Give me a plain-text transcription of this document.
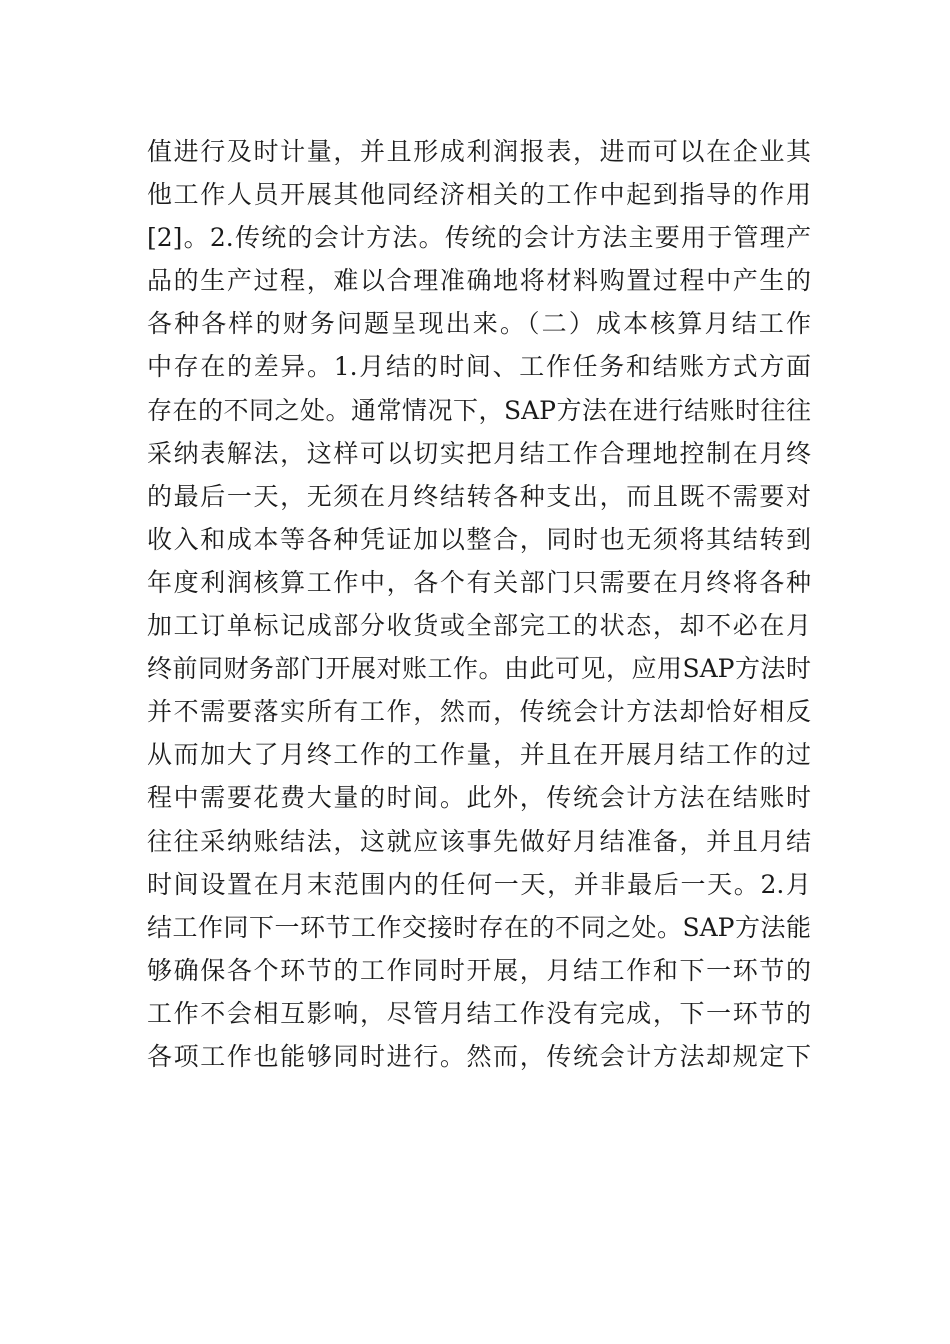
值进行及时计量，并且形成利润报表，进而可以在企业其
他工作人员开展其他同经济相关的工作中起到指导的作用
[2]。2.传统的会计方法。传统的会计方法主要用于管理产
品的生产过程，难以合理准确地将材料购置过程中产生的
各种各样的财务问题呈现出来。（二）成本核算月结工作
中存在的差异。1.月结的时间、工作任务和结账方式方面
存在的不同之处。通常情况下，SAP方法在进行结账时往往
采纳表解法，这样可以切实把月结工作合理地控制在月终
的最后一天，无须在月终结转各种支出，而且既不需要对
收入和成本等各种凭证加以整合，同时也无须将其结转到
年度利润核算工作中，各个有关部门只需要在月终将各种
加工订单标记成部分收货或全部完工的状态，却不必在月
终前同财务部门开展对账工作。由此可见，应用SAP方法时
并不需要落实所有工作，然而，传统会计方法却恰好相反
从而加大了月终工作的工作量，并且在开展月结工作的过
程中需要花费大量的时间。此外，传统会计方法在结账时
往往采纳账结法，这就应该事先做好月结准备，并且月结
时间设置在月末范围内的任何一天，并非最后一天。2.月
结工作同下一环节工作交接时存在的不同之处。SAP方法能
够确保各个环节的工作同时开展，月结工作和下一环节的
工作不会相互影响，尽管月结工作没有完成，下一环节的
各项工作也能够同时进行。然而，传统会计方法却规定下
